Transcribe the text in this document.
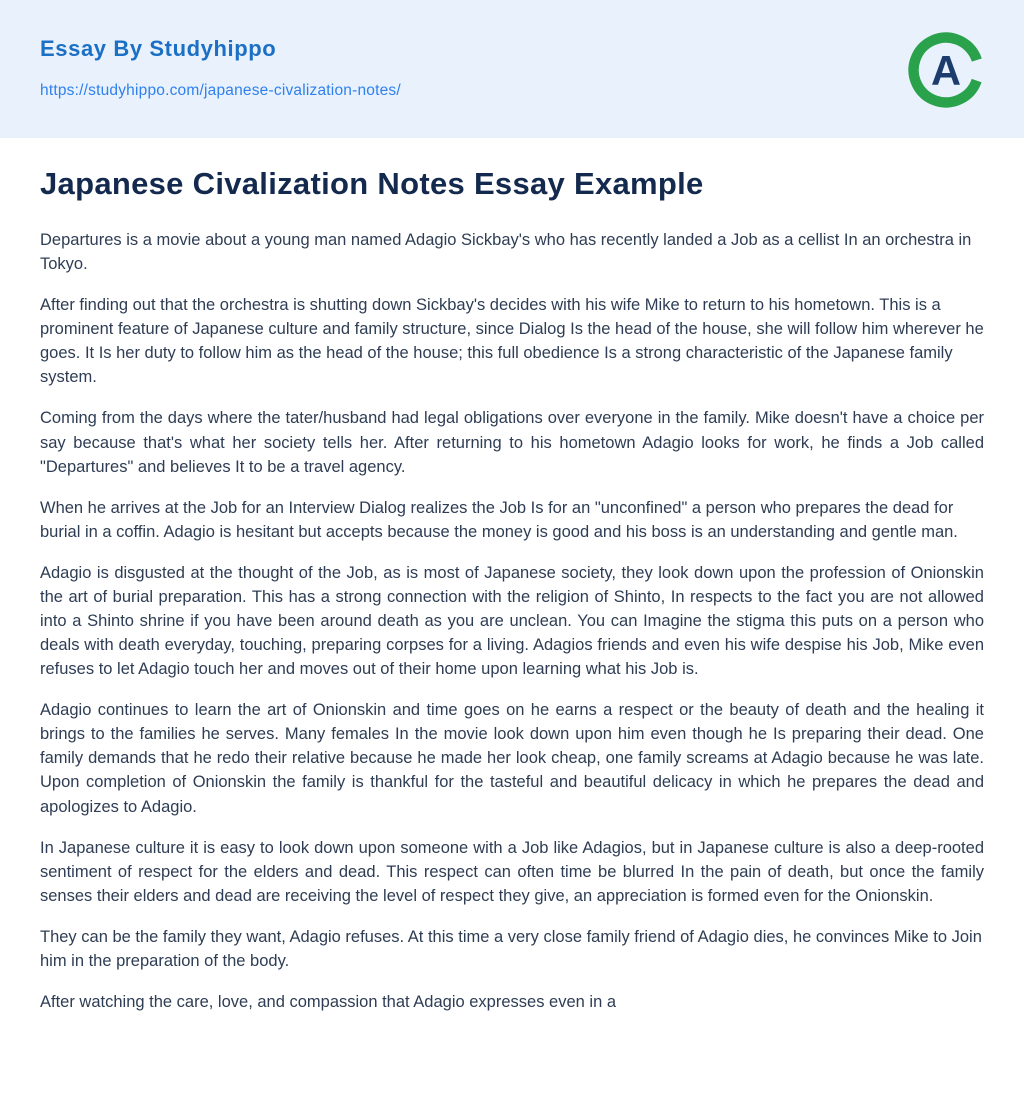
Essay By Studyhippo
https://studyhippo.com/japanese-civalization-notes/	A
Japanese Civalization Notes Essay Example

Departures is a movie about a young man named Adagio Sickbay's who has recently landed a Job as a cellist In an orchestra in Tokyo.

After finding out that the orchestra is shutting down Sickbay's decides with his wife Mike to return to his hometown. This is a prominent feature of Japanese culture and family structure, since Dialog Is the head of the house, she will follow him wherever he goes. It Is her duty to follow him as the head of the house; this full obedience Is a strong characteristic of the Japanese family system.

Coming from the days where the tater/husband had legal obligations over everyone in the family. Mike doesn't have a choice per say because that's what her society tells her. After returning to his hometown Adagio looks for work, he finds a Job called "Departures" and believes It to be a travel agency.

When he arrives at the Job for an Interview Dialog realizes the Job Is for an "unconfined" a person who prepares the dead for burial in a coffin. Adagio is hesitant but accepts because the money is good and his boss is an understanding and gentle man.

Adagio is disgusted at the thought of the Job, as is most of Japanese society, they look down upon the profession of Onionskin the art of burial preparation. This has a strong connection with the religion of Shinto, In respects to the fact you are not allowed into a Shinto shrine if you have been around death as you are unclean. You can Imagine the stigma this puts on a person who deals with death everyday, touching, preparing corpses for a living. Adagios friends and even his wife despise his Job, Mike even refuses to let Adagio touch her and moves out of their home upon learning what his Job is.

Adagio continues to learn the art of Onionskin and time goes on he earns a respect or the beauty of death and the healing it brings to the families he serves. Many females In the movie look down upon him even though he Is preparing their dead. One family demands that he redo their relative because he made her look cheap, one family screams at Adagio because he was late. Upon completion of Onionskin the family is thankful for the tasteful and beautiful delicacy in which he prepares the dead and apologizes to Adagio.

In Japanese culture it is easy to look down upon someone with a Job like Adagios, but in Japanese culture is also a deep-rooted sentiment of respect for the elders and dead. This respect can often time be blurred In the pain of death, but once the family senses their elders and dead are receiving the level of respect they give, an appreciation is formed even for the Onionskin.

They can be the family they want, Adagio refuses. At this time a very close family friend of Adagio dies, he convinces Mike to Join him in the preparation of the body.

After watching the care, love, and compassion that Adagio expresses even in a
